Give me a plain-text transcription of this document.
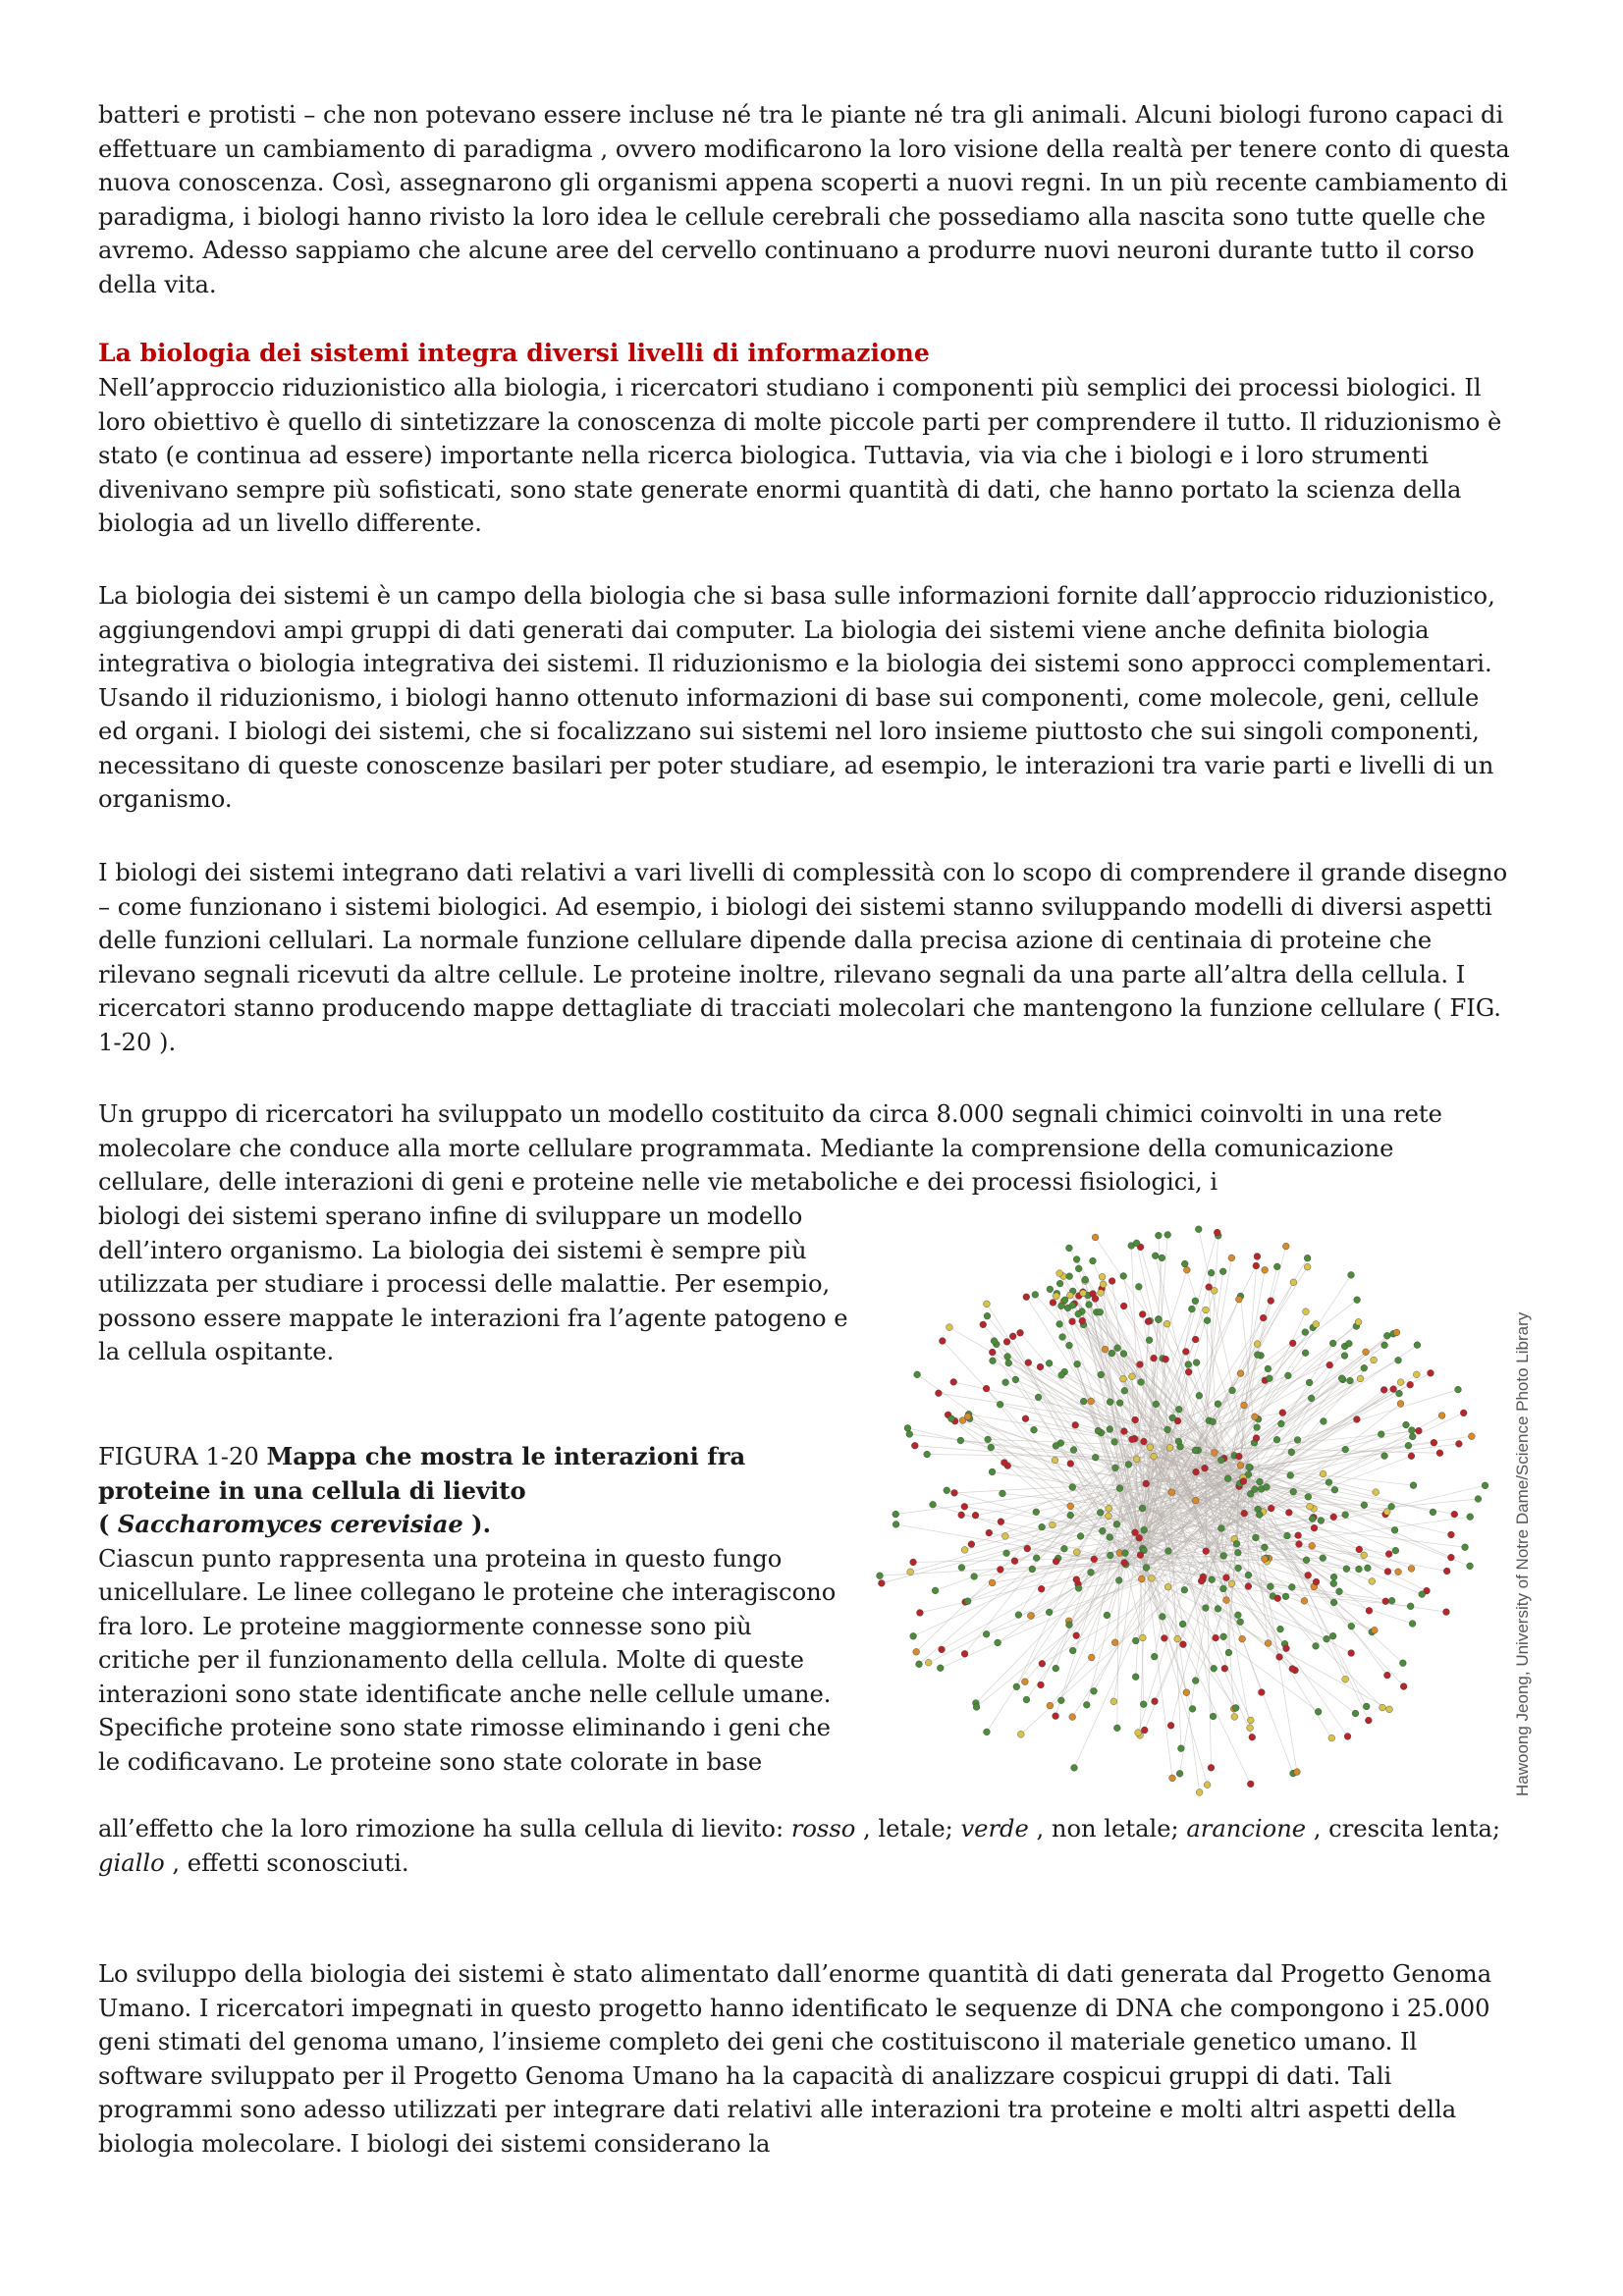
batteri e protisti – che non potevano essere incluse né tra le piante né tra gli animali. Alcuni biologi furono capaci di effettuare un cambiamento di paradigma , ovvero modificarono la loro visione della realtà per tenere conto di questa nuova conoscenza. Così, assegnarono gli organismi appena scoperti a nuovi regni. In un più recente cambiamento di paradigma, i biologi hanno rivisto la loro idea le cellule cerebrali che possediamo alla nascita sono tutte quelle che avremo. Adesso sappiamo che alcune aree del cervello continuano a produrre nuovi neuroni durante tutto il corso della vita.

La biologia dei sistemi integra diversi livelli di informazione

Nell’approccio riduzionistico alla biologia, i ricercatori studiano i componenti più semplici dei processi biologici. Il loro obiettivo è quello di sintetizzare la conoscenza di molte piccole parti per comprendere il tutto. Il riduzionismo è stato (e continua ad essere) importante nella ricerca biologica. Tuttavia, via via che i biologi e i loro strumenti divenivano sempre più sofisticati, sono state generate enormi quantità di dati, che hanno portato la scienza della biologia ad un livello differente.

La biologia dei sistemi è un campo della biologia che si basa sulle informazioni fornite dall’approccio riduzionistico, aggiungendovi ampi gruppi di dati generati dai computer. La biologia dei sistemi viene anche definita biologia integrativa o biologia integrativa dei sistemi. Il riduzionismo e la biologia dei sistemi sono approcci complementari. Usando il riduzionismo, i biologi hanno ottenuto informazioni di base sui componenti, come molecole, geni, cellule ed organi. I biologi dei sistemi, che si focalizzano sui sistemi nel loro insieme piuttosto che sui singoli componenti, necessitano di queste conoscenze basilari per poter studiare, ad esempio, le interazioni tra varie parti e livelli di un organismo.

I biologi dei sistemi integrano dati relativi a vari livelli di complessità con lo scopo di comprendere il grande disegno – come funzionano i sistemi biologici. Ad esempio, i biologi dei sistemi stanno sviluppando modelli di diversi aspetti delle funzioni cellulari. La normale funzione cellulare dipende dalla precisa azione di centinaia di proteine che rilevano segnali ricevuti da altre cellule. Le proteine inoltre, rilevano segnali da una parte all’altra della cellula. I ricercatori stanno producendo mappe dettagliate di tracciati molecolari che mantengono la funzione cellulare ( FIG. 1-20 ).

Un gruppo di ricercatori ha sviluppato un modello costituito da circa 8.000 segnali chimici coinvolti in una rete molecolare che conduce alla morte cellulare programmata. Mediante la comprensione della comunicazione cellulare, delle interazioni di geni e proteine nelle vie metaboliche e dei processi fisiologici, i

biologi dei sistemi sperano infine di sviluppare un modello dell’intero organismo. La biologia dei sistemi è sempre più utilizzata per studiare i processi delle malattie. Per esempio, possono essere mappate le interazioni fra l’agente patogeno e la cellula ospitante.

FIGURA 1-20 Mappa che mostra le interazioni fra proteine in una cellula di lievito
( Saccharomyces cerevisiae ).
Ciascun punto rappresenta una proteina in questo fungo unicellulare. Le linee collegano le proteine che interagiscono fra loro. Le proteine maggiormente connesse sono più critiche per il funzionamento della cellula. Molte di queste interazioni sono state identificate anche nelle cellule umane. Specifiche proteine sono state rimosse eliminando i geni che le codificavano. Le proteine sono state colorate in base

all’effetto che la loro rimozione ha sulla cellula di lievito: rosso , letale; verde , non letale; arancione , crescita lenta; giallo , effetti sconosciuti.

Lo sviluppo della biologia dei sistemi è stato alimentato dall’enorme quantità di dati generata dal Progetto Genoma Umano. I ricercatori impegnati in questo progetto hanno identificato le sequenze di DNA che compongono i 25.000 geni stimati del genoma umano, l’insieme completo dei geni che costituiscono il materiale genetico umano. Il software sviluppato per il Progetto Genoma Umano ha la capacità di analizzare cospicui gruppi di dati. Tali programmi sono adesso utilizzati per integrare dati relativi alle interazioni tra proteine e molti altri aspetti della biologia molecolare. I biologi dei sistemi considerano la

Hawoong Jeong, University of Notre Dame/Science Photo Library
